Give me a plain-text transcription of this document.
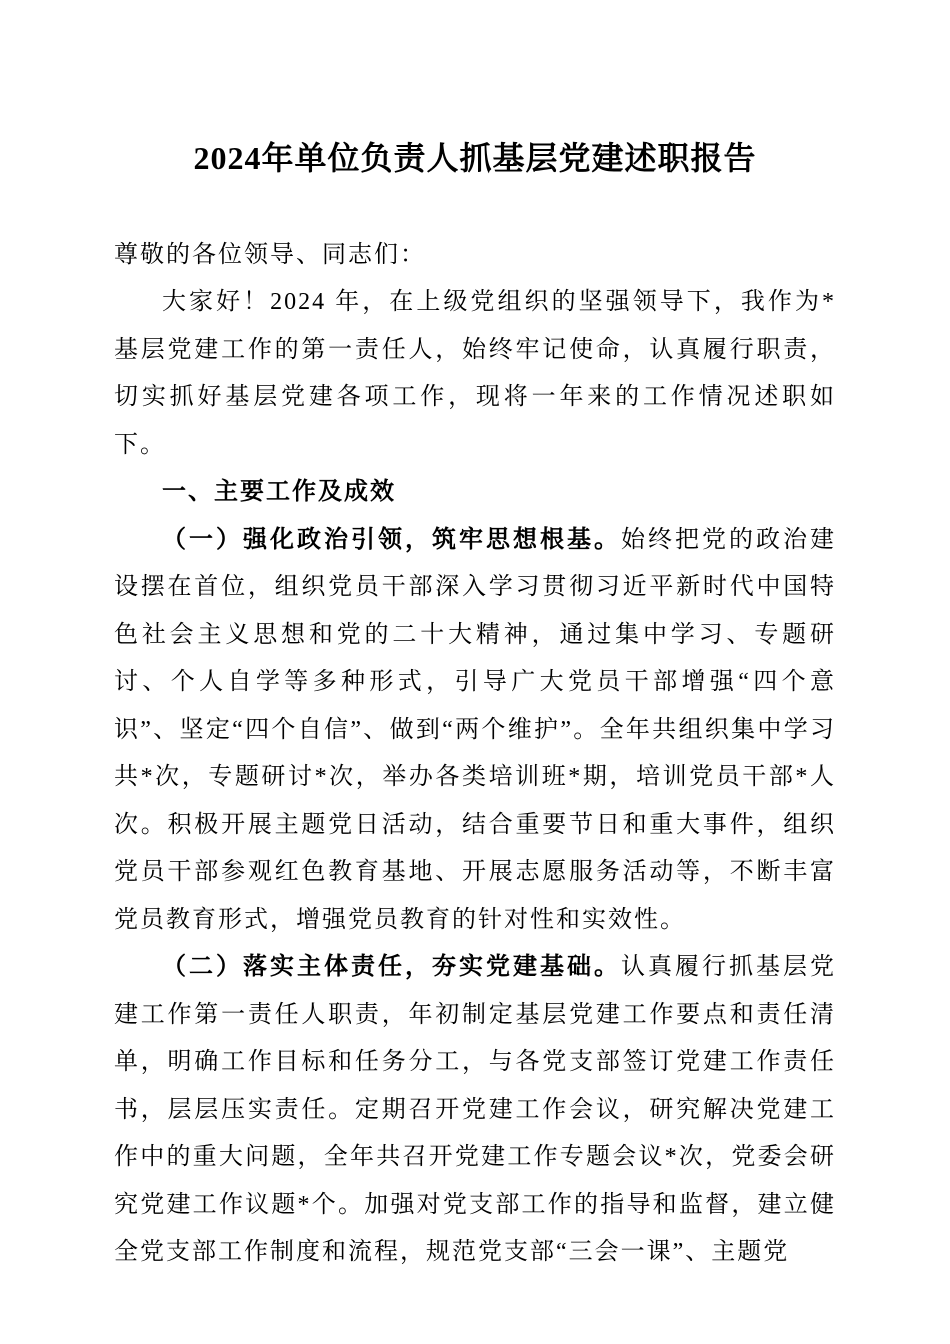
2024年单位负责人抓基层党建述职报告

尊敬的各位领导、同志们：

大家好！2024 年，在上级党组织的坚强领导下，我作为*基层党建工作的第一责任人，始终牢记使命，认真履行职责，切实抓好基层党建各项工作，现将一年来的工作情况述职如下。

一、主要工作及成效

（一）强化政治引领，筑牢思想根基。始终把党的政治建设摆在首位，组织党员干部深入学习贯彻习近平新时代中国特色社会主义思想和党的二十大精神，通过集中学习、专题研讨、个人自学等多种形式，引导广大党员干部增强“四个意识”、坚定“四个自信”、做到“两个维护”。全年共组织集中学习共*次，专题研讨*次，举办各类培训班*期，培训党员干部*人次。积极开展主题党日活动，结合重要节日和重大事件，组织党员干部参观红色教育基地、开展志愿服务活动等，不断丰富党员教育形式，增强党员教育的针对性和实效性。

（二）落实主体责任，夯实党建基础。认真履行抓基层党建工作第一责任人职责，年初制定基层党建工作要点和责任清单，明确工作目标和任务分工，与各党支部签订党建工作责任书，层层压实责任。定期召开党建工作会议，研究解决党建工作中的重大问题，全年共召开党建工作专题会议*次，党委会研究党建工作议题*个。加强对党支部工作的指导和监督，建立健全党支部工作制度和流程，规范党支部“三会一课”、主题党
